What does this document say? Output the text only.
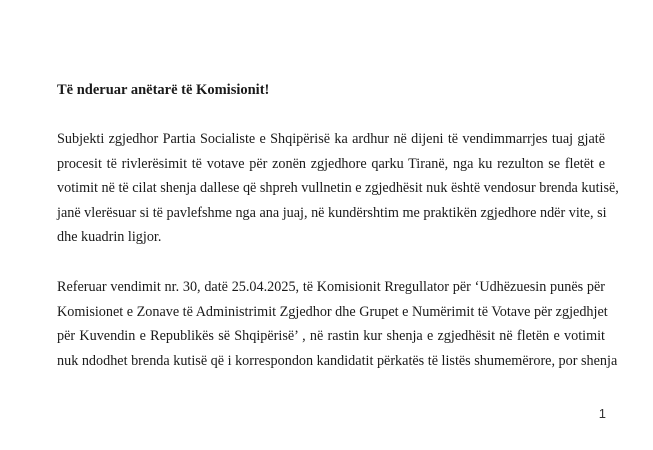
Të nderuar anëtarë të Komisionit!

Subjekti zgjedhor Partia Socialiste e Shqipërisë ka ardhur në dijeni të vendimmarrjes tuaj gjatë
procesit të rivlerësimit të votave për zonën zgjedhore qarku Tiranë, nga ku rezulton se fletët e
votimit në të cilat shenja dallese që shpreh vullnetin e zgjedhësit nuk është vendosur brenda kutisë,
janë vlerësuar si të pavlefshme nga ana juaj, në kundërshtim me praktikën zgjedhore ndër vite, si
dhe kuadrin ligjor.
Referuar vendimit nr. 30, datë 25.04.2025, të Komisionit Rregullator për ‘Udhëzuesin punës për
Komisionet e Zonave të Administrimit Zgjedhor dhe Grupet e Numërimit të Votave për zgjedhjet
për Kuvendin e Republikës së Shqipërisë’ , në rastin kur shenja e zgjedhësit në fletën e votimit
nuk ndodhet brenda kutisë që i korrespondon kandidatit përkatës të listës shumemërore, por shenja
1
